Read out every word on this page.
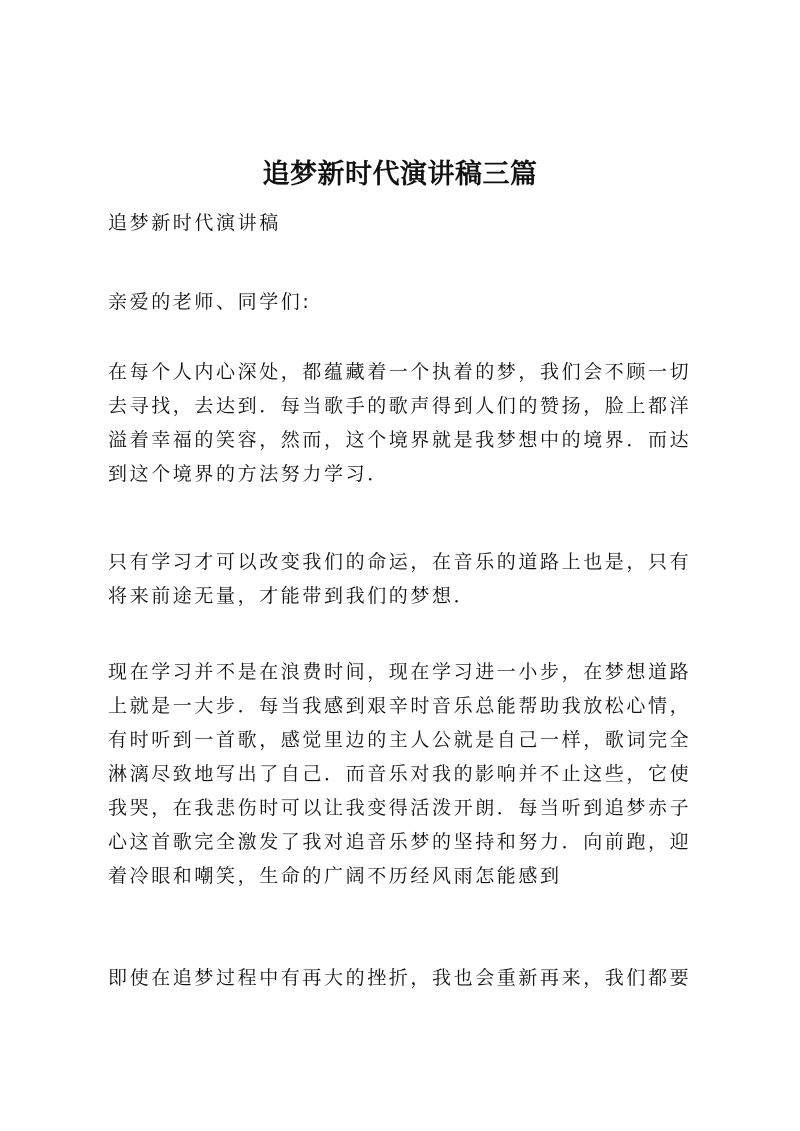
追梦新时代演讲稿三篇
追梦新时代演讲稿
亲爱的老师、同学们:
在每个人内心深处，都蕴藏着一个执着的梦，我们会不顾一切去寻找，去达到．每当歌手的歌声得到人们的赞扬，脸上都洋溢着幸福的笑容，然而，这个境界就是我梦想中的境界．而达到这个境界的方法努力学习．
只有学习才可以改变我们的命运，在音乐的道路上也是，只有将来前途无量，才能带到我们的梦想．
现在学习并不是在浪费时间，现在学习进一小步，在梦想道路上就是一大步．每当我感到艰辛时音乐总能帮助我放松心情，有时听到一首歌，感觉里边的主人公就是自己一样，歌词完全淋漓尽致地写出了自己．而音乐对我的影响并不止这些，它使我哭，在我悲伤时可以让我变得活泼开朗．每当听到追梦赤子心这首歌完全激发了我对追音乐梦的坚持和努力．向前跑，迎着冷眼和嘲笑，生命的广阔不历经风雨怎能感到
即使在追梦过程中有再大的挫折，我也会重新再来，我们都要
